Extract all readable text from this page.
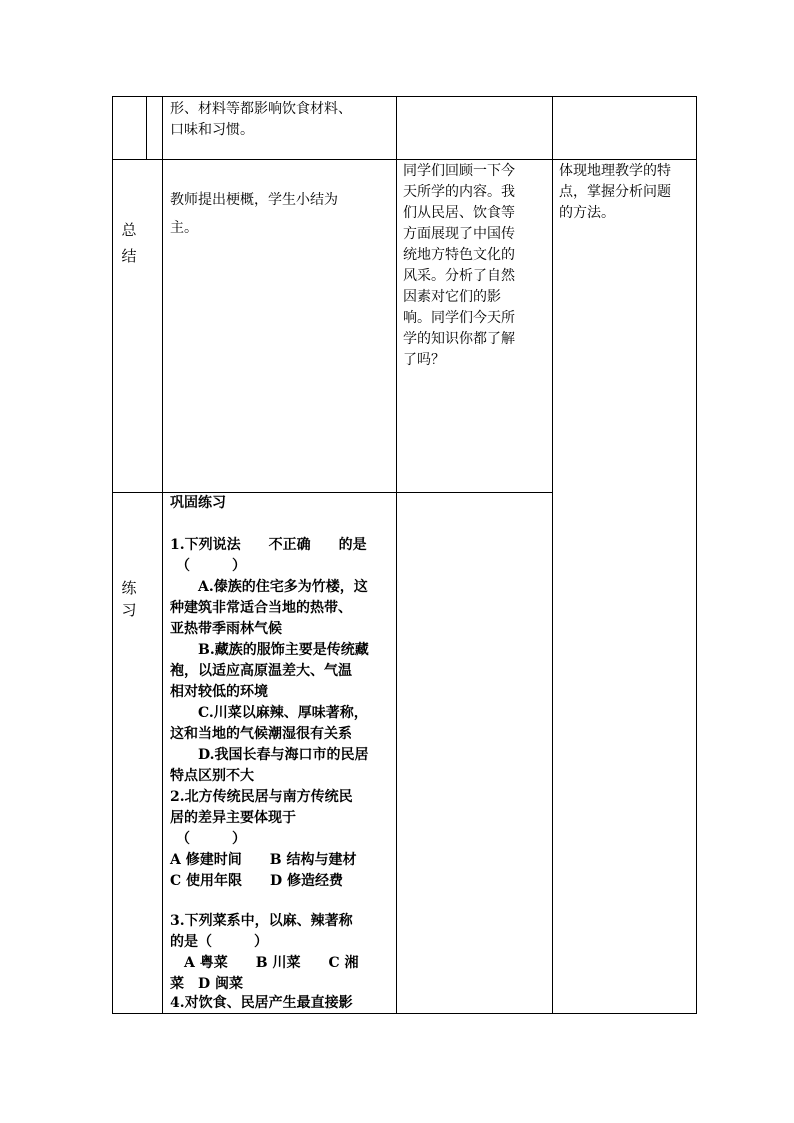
形、材料等都影响饮食材料、
口味和习惯。
总
结
教师提出梗概，学生小结为
主。
同学们回顾一下今
天所学的内容。我
们从民居、饮食等
方面展现了中国传
统地方特色文化的
风采。分析了自然
因素对它们的影
响。同学们今天所
学的知识你都了解
了吗？
体现地理教学的特
点，掌握分析问题
的方法。
练
习
巩固练习
1.下列说法　　不正确　　的是
（　　　）
　　A.傣族的住宅多为竹楼，这
种建筑非常适合当地的热带、
亚热带季雨林气候
　　B.藏族的服饰主要是传统藏
袍，以适应高原温差大、气温
相对较低的环境
　　C.川菜以麻辣、厚味著称，
这和当地的气候潮湿很有关系
　　D.我国长春与海口市的民居
特点区别不大
2.北方传统民居与南方传统民
居的差异主要体现于
（　　　）
A 修建时间　　B 结构与建材
C 使用年限　　D 修造经费
3.下列菜系中，以麻、辣著称
的是（　　　）
　A 粤菜　　B 川菜　　C 湘
菜　D 闽菜
4.对饮食、民居产生最直接影
